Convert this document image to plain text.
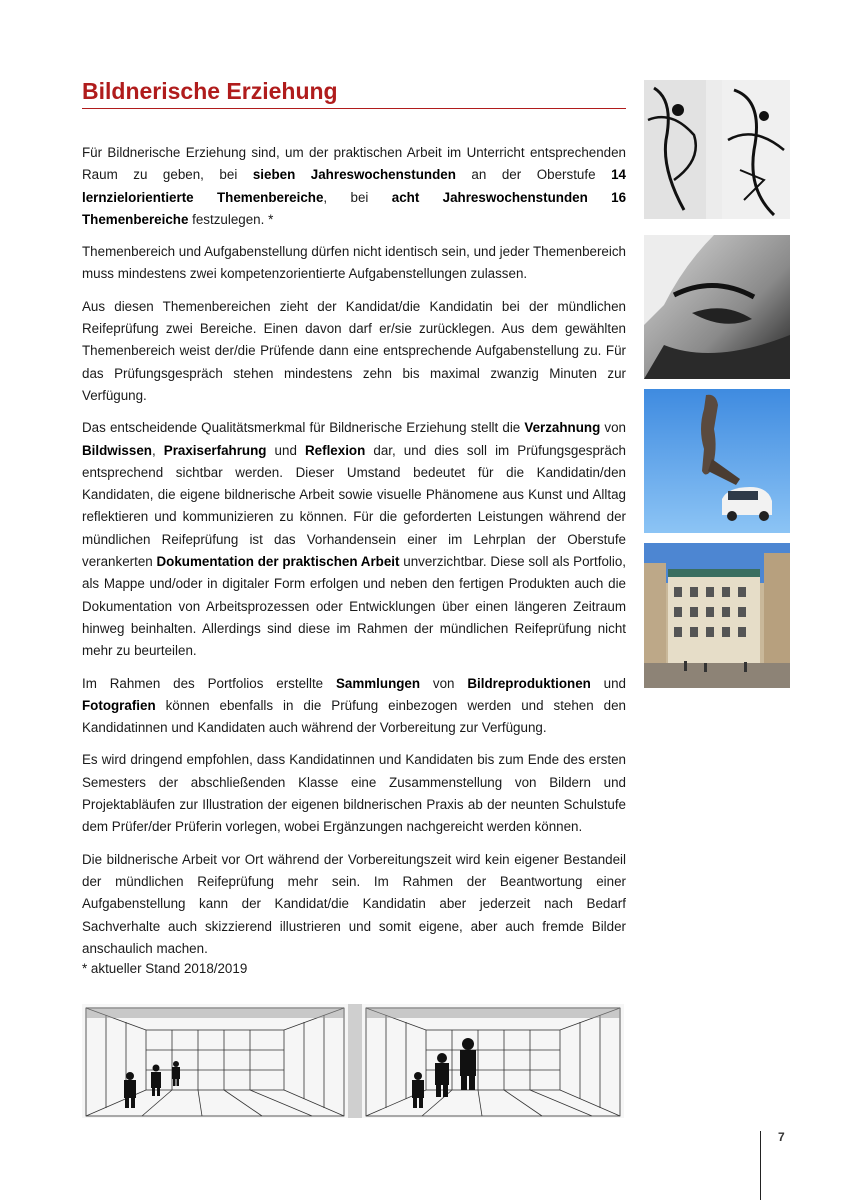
Bildnerische Erziehung

Für Bildnerische Erziehung sind, um der praktischen Arbeit im Unterricht entsprechenden Raum zu geben, bei sieben Jahreswochenstunden an der Oberstufe 14 lernzielorientierte Themenbereiche, bei acht Jahreswochenstunden 16 Themenbereiche festzulegen. *

Themenbereich und Aufgabenstellung dürfen nicht identisch sein, und jeder Themenbereich muss mindestens zwei kompetenzorientierte Aufgabenstellungen zulassen.

Aus diesen Themenbereichen zieht der Kandidat/die Kandidatin bei der mündlichen Reifeprüfung zwei Bereiche. Einen davon darf er/sie zurücklegen. Aus dem gewählten Themenbereich weist der/die Prüfende dann eine entsprechende Aufgabenstellung zu. Für das Prüfungsgespräch stehen mindestens zehn bis maximal zwanzig Minuten zur Verfügung.

Das entscheidende Qualitätsmerkmal für Bildnerische Erziehung stellt die Verzahnung von Bildwissen, Praxiserfahrung und Reflexion dar, und dies soll im Prüfungsgespräch entsprechend sichtbar werden. Dieser Umstand bedeutet für die Kandidatin/den Kandidaten, die eigene bildnerische Arbeit sowie visuelle Phänomene aus Kunst und Alltag reflektieren und kommunizieren zu können. Für die geforderten Leistungen während der mündlichen Reifeprüfung ist das Vorhandensein einer im Lehrplan der Oberstufe verankerten Dokumentation der praktischen Arbeit unverzichtbar. Diese soll als Portfolio, als Mappe und/oder in digitaler Form erfolgen und neben den fertigen Produkten auch die Dokumentation von Arbeitsprozessen oder Entwicklungen über einen längeren Zeitraum hinweg beinhalten. Allerdings sind diese im Rahmen der mündlichen Reifeprüfung nicht mehr zu beurteilen.

Im Rahmen des Portfolios erstellte Sammlungen von Bildreproduktionen und Fotografien können ebenfalls in die Prüfung einbezogen werden und stehen den Kandidatinnen und Kandidaten auch während der Vorbereitung zur Verfügung.

Es wird dringend empfohlen, dass Kandidatinnen und Kandidaten bis zum Ende des ersten Semesters der abschließenden Klasse eine Zusammenstellung von Bildern und Projektabläufen zur Illustration der eigenen bildnerischen Praxis ab der neunten Schulstufe dem Prüfer/der Prüferin vorlegen, wobei Ergänzungen nachgereicht werden können.

Die bildnerische Arbeit vor Ort während der Vorbereitungszeit wird kein eigener Bestandeil der mündlichen Reifeprüfung mehr sein. Im Rahmen der Beantwortung einer Aufgabenstellung kann der Kandidat/die Kandidatin aber jederzeit nach Bedarf Sachverhalte auch skizzierend illustrieren und somit eigene, aber auch fremde Bilder anschaulich machen.

* aktueller Stand 2018/2019
7
